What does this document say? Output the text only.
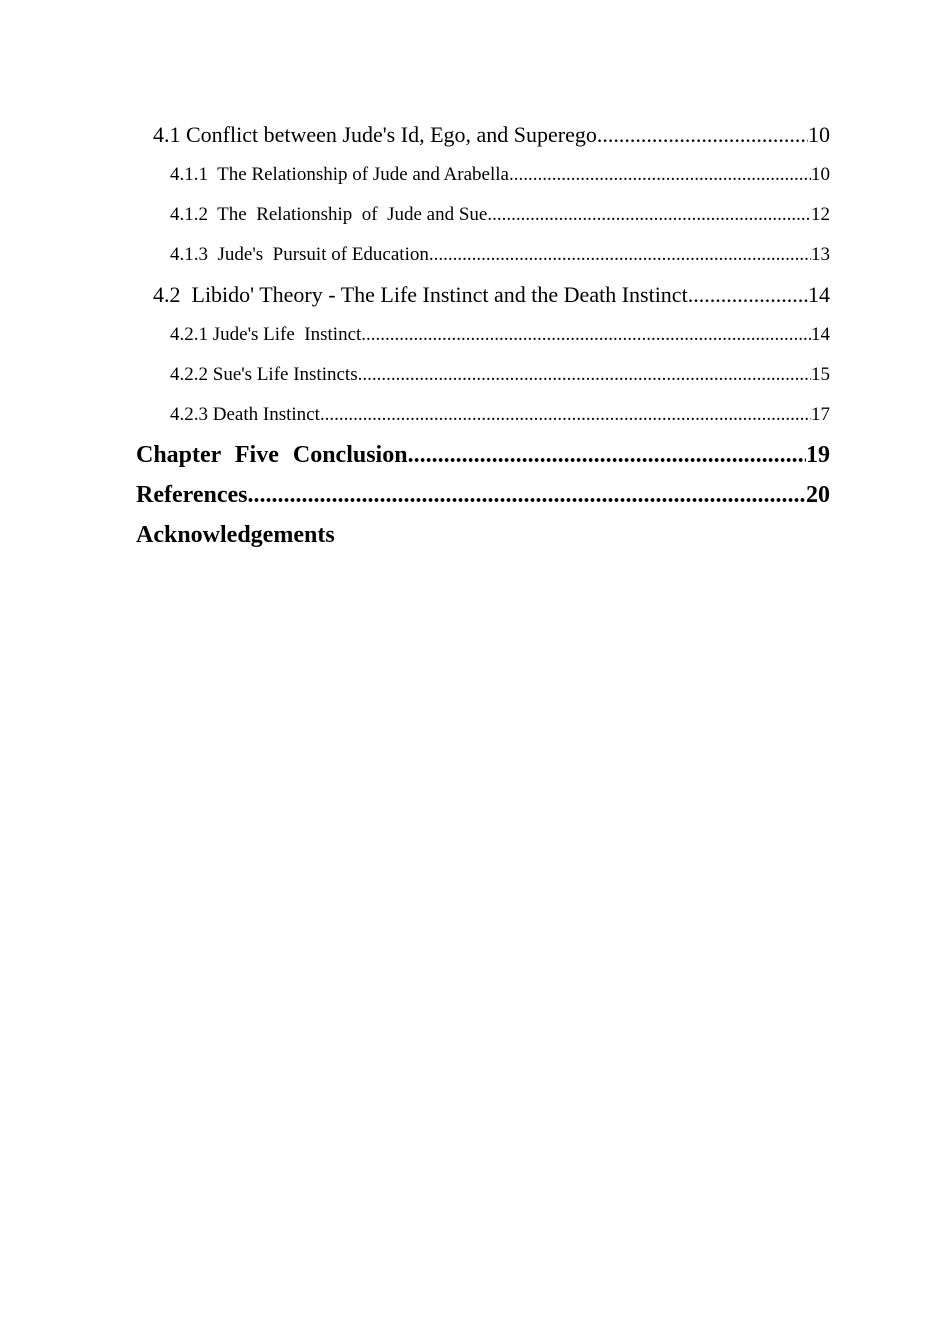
4.1 Conflict between Jude's Id, Ego, and Superego .....	10
4.1.1  The Relationship of Jude and Arabella .....	10
4.1.2  The  Relationship  of  Jude and Sue .....	12
4.1.3  Jude's  Pursuit of Education .....	13
4.2  Libido' Theory - The Life Instinct and the Death Instinct .....	14
4.2.1 Jude's Life  Instinct .....	14
4.2.2 Sue's Life Instincts .....	15
4.2.3 Death Instinct .....	17
Chapter Five Conclusion .....	19
References .....	20
Acknowledgements
